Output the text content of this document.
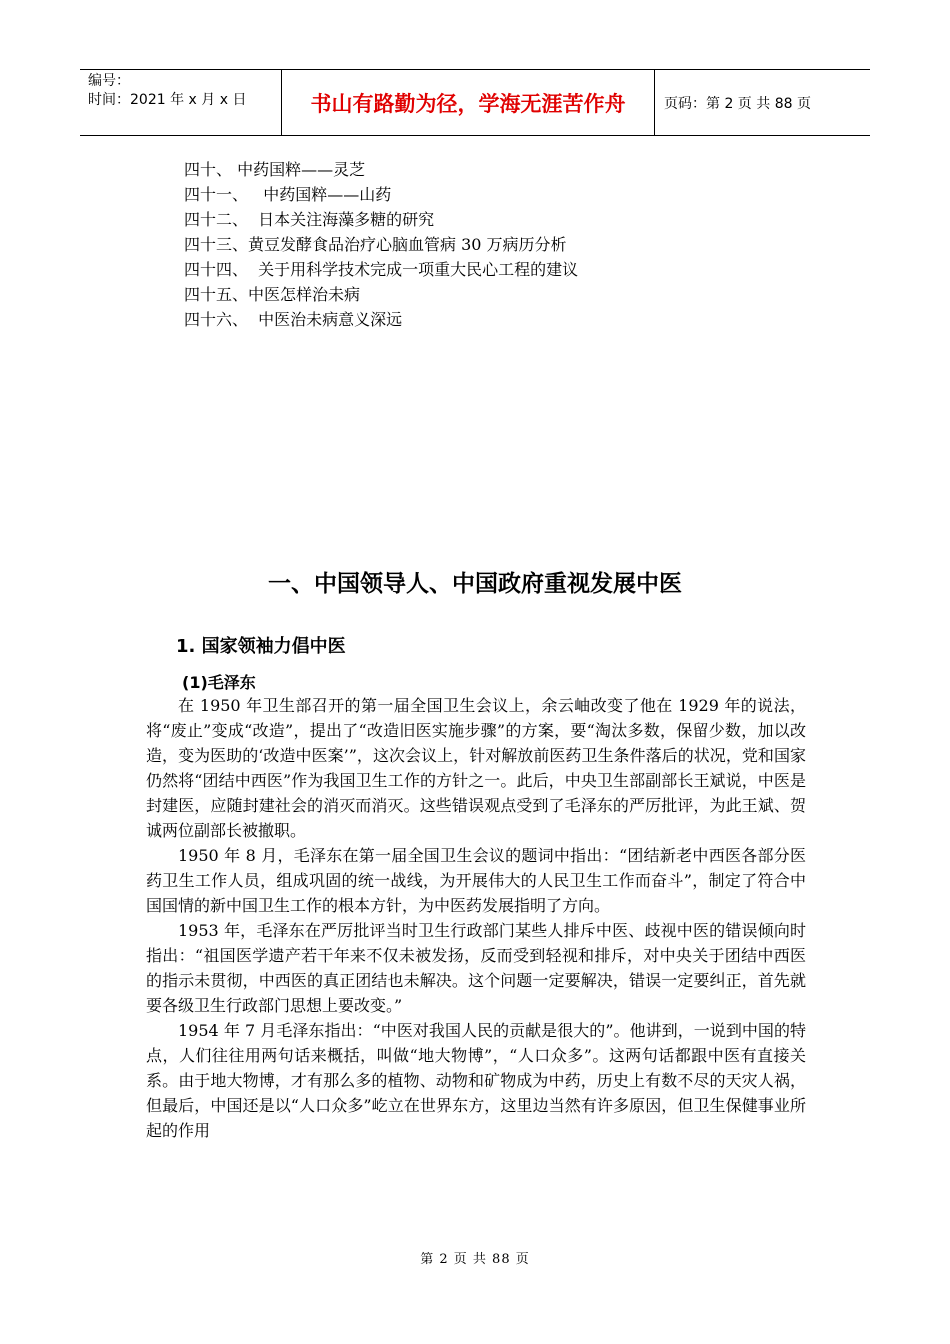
编号：
时间：2021 年 x 月 x 日	书山有路勤为径，学海无涯苦作舟	页码：第 2 页 共 88 页
四十、 中药国粹——灵芝
四十一、   中药国粹——山药
四十二、  日本关注海藻多糖的研究
四十三、黄豆发酵食品治疗心脑血管病 30 万病历分析
四十四、  关于用科学技术完成一项重大民心工程的建议
四十五、中医怎样治未病
四十六、  中医治未病意义深远
一、中国领导人、中国政府重视发展中医
1. 国家领袖力倡中医
(1)毛泽东

在 1950 年卫生部召开的第一届全国卫生会议上，余云岫改变了他在 1929 年的说法，将“废止”变成“改造”，提出了“改造旧医实施步骤”的方案，要“淘汰多数，保留少数，加以改造，变为医助的‘改造中医案’”，这次会议上，针对解放前医药卫生条件落后的状况，党和国家仍然将“团结中西医”作为我国卫生工作的方针之一。此后，中央卫生部副部长王斌说，中医是封建医，应随封建社会的消灭而消灭。这些错误观点受到了毛泽东的严厉批评，为此王斌、贺诚两位副部长被撤职。

1950 年 8 月，毛泽东在第一届全国卫生会议的题词中指出：“团结新老中西医各部分医药卫生工作人员，组成巩固的统一战线，为开展伟大的人民卫生工作而奋斗”，制定了符合中国国情的新中国卫生工作的根本方针，为中医药发展指明了方向。

1953 年，毛泽东在严厉批评当时卫生行政部门某些人排斥中医、歧视中医的错误倾向时指出：“祖国医学遗产若干年来不仅未被发扬，反而受到轻视和排斥，对中央关于团结中西医的指示未贯彻，中西医的真正团结也未解决。这个问题一定要解决，错误一定要纠正，首先就要各级卫生行政部门思想上要改变。”

1954 年 7 月毛泽东指出：“中医对我国人民的贡献是很大的”。他讲到，一说到中国的特点，人们往往用两句话来概括，叫做“地大物博”，“人口众多”。这两句话都跟中医有直接关系。由于地大物博，才有那么多的植物、动物和矿物成为中药，历史上有数不尽的天灾人祸，但最后，中国还是以“人口众多”屹立在世界东方，这里边当然有许多原因，但卫生保健事业所起的作用

第 2 页 共 88 页
